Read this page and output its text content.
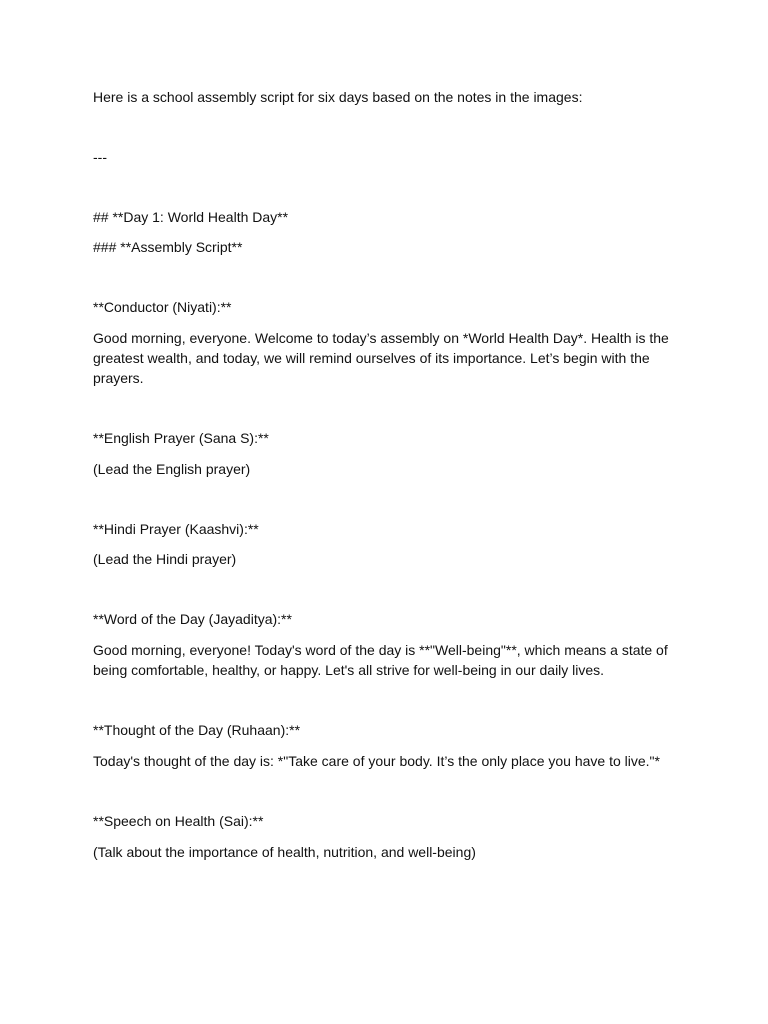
Here is a school assembly script for six days based on the notes in the images:

---

## **Day 1: World Health Day**

### **Assembly Script**

**Conductor (Niyati):**

Good morning, everyone. Welcome to today’s assembly on *World Health Day*. Health is the greatest wealth, and today, we will remind ourselves of its importance. Let’s begin with the prayers.

**English Prayer (Sana S):**

(Lead the English prayer)

**Hindi Prayer (Kaashvi):**

(Lead the Hindi prayer)

**Word of the Day (Jayaditya):**

Good morning, everyone! Today's word of the day is **"Well-being"**, which means a state of being comfortable, healthy, or happy. Let's all strive for well-being in our daily lives.

**Thought of the Day (Ruhaan):**

Today's thought of the day is: *"Take care of your body. It’s the only place you have to live."*

**Speech on Health (Sai):**

(Talk about the importance of health, nutrition, and well-being)
